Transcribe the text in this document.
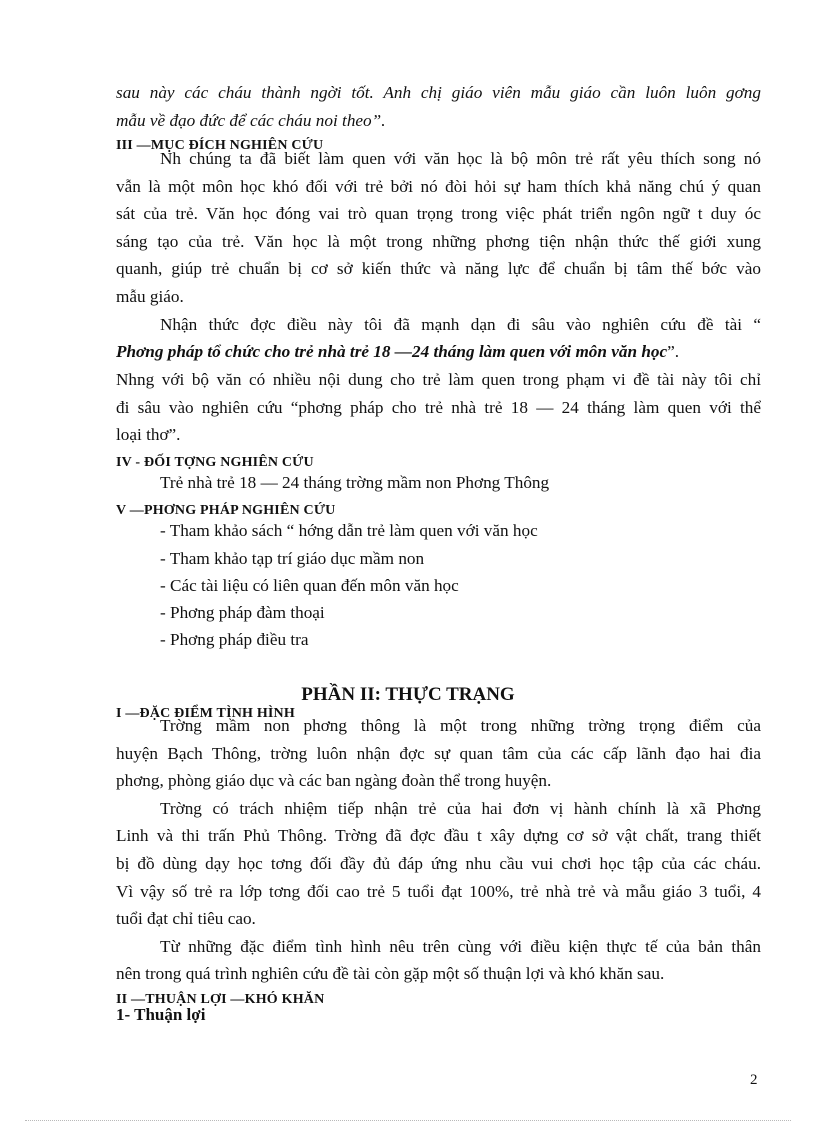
sau này các cháu thành ngời tốt. Anh chị giáo viên mẫu giáo cần luôn luôn gơng
mẫu về đạo đức để các cháu noi theo”.
III —MỤC ĐÍCH NGHIÊN CỨU
Nh chúng ta đã biết làm quen với văn học là bộ môn trẻ rất yêu thích song nó
vẫn là một môn học khó đối với trẻ bởi nó đòi hỏi sự ham thích khả năng chú ý quan
sát của trẻ. Văn học đóng vai trò quan trọng trong việc phát triển ngôn ngữ t duy óc
sáng tạo của trẻ. Văn học là một trong những phơng tiện nhận thức thế giới xung
quanh, giúp trẻ chuẩn bị cơ sở kiến thức và năng lực để chuẩn bị tâm thế bớc vào
mẫu giáo.
Nhận thức đợc điều này tôi đã mạnh dạn đi sâu vào nghiên cứu đề tài “
Phơng pháp tổ chức cho trẻ nhà trẻ 18 —24 tháng làm quen với môn văn học”.
Nhng với bộ văn có nhiều nội dung cho trẻ làm quen trong phạm vi đề tài này tôi chỉ
đi sâu vào nghiên cứu “phơng pháp cho trẻ nhà trẻ 18 — 24 tháng làm quen với thể
loại thơ”.
IV - ĐỐI TỢNG NGHIÊN CỨU
Trẻ nhà trẻ 18 — 24 tháng trờng mầm non Phơng Thông
V —PHƠNG PHÁP NGHIÊN CỨU
- Tham khảo sách “ hớng dẫn trẻ làm quen với văn học
- Tham khảo tạp trí giáo dục mầm non
- Các tài liệu có liên quan đến môn văn học
- Phơng pháp đàm thoại
- Phơng pháp điều tra
PHẦN II: THỰC TRẠNG
I —ĐẶC ĐIỂM TÌNH HÌNH
Trờng mầm non phơng thông là một trong những trờng trọng điểm của
huyện Bạch Thông, trờng luôn nhận đợc sự quan tâm của các cấp lãnh đạo hai đia
phơng, phòng giáo dục và các ban ngàng đoàn thể trong huyện.
Trờng có trách nhiệm tiếp nhận trẻ của hai đơn vị hành chính là xã Phơng
Linh và thi trấn Phủ Thông. Trờng đã đợc đầu t xây dựng cơ sở vật chất, trang thiết
bị đồ dùng dạy học tơng đối đầy đủ đáp ứng nhu cầu vui chơi học tập của các cháu.
Vì vậy số trẻ ra lớp tơng đối cao trẻ 5 tuổi đạt 100%, trẻ nhà trẻ và mẫu giáo 3 tuổi, 4
tuổi đạt chỉ tiêu cao.
Từ những đặc điểm tình hình nêu trên cùng với điều kiện thực tế của bản thân
nên trong quá trình nghiên cứu đề tài còn gặp một số thuận lợi và khó khăn sau.
II —THUẬN LỢI —KHÓ KHĂN
1- Thuận lợi
2
